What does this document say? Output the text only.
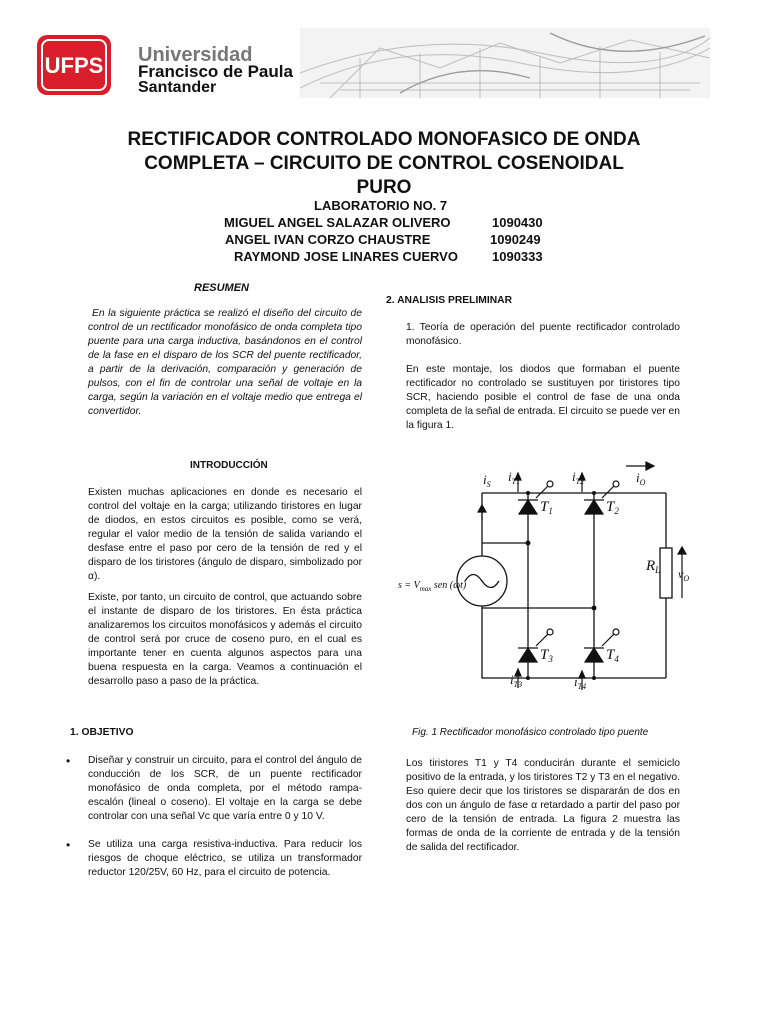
UFPS Universidad
Francisco de Paula
Santander
RECTIFICADOR CONTROLADO MONOFASICO DE ONDA
COMPLETA – CIRCUITO DE CONTROL COSENOIDAL
PURO
LABORATORIO NO. 7
MIGUEL ANGEL SALAZAR OLIVERO	1090430
ANGEL IVAN CORZO CHAUSTRE	1090249
RAYMOND JOSE LINARES CUERVO	1090333
RESUMEN
En la siguiente práctica se realizó el diseño del circuito de control de un rectificador monofásico de onda completa tipo puente para una carga inductiva, basándonos en el control de la fase en el disparo de los SCR del puente rectificador, a partir de la derivación, comparación y generación de pulsos, con el fin de controlar una señal de voltaje en la carga, según la variación en el voltaje medio que entrega el convertidor.
INTRODUCCIÓN
Existen muchas aplicaciones en donde es necesario el control del voltaje en la carga; utilizando tiristores en lugar de diodos, en estos circuitos es posible, como se verá, regular el valor medio de la tensión de salida variando el desfase entre el paso por cero de la tensión de red y el disparo de los tiristores (ángulo de disparo, simbolizado por α).
Existe, por tanto, un circuito de control, que actuando sobre el instante de disparo de los tiristores. En ésta práctica analizaremos los circuitos monofásicos y además el circuito de control será por cruce de coseno puro, en el cual es importante tener en cuenta algunos aspectos para una buena respuesta en la carga. Veamos a continuación el desarrollo paso a paso de la práctica.
1. OBJETIVO
•	Diseñar y construir un circuito, para el control del ángulo de conducción de los SCR, de un puente rectificador monofásico de onda completa, por el método rampa-escalón (lineal o coseno). El voltaje en la carga se debe controlar con una señal Vc que varía entre 0 y 10 V.
•	Se utiliza una carga resistiva-inductiva. Para reducir los riesgos de choque eléctrico, se utiliza un transformador reductor 120/25V, 60 Hz, para el circuito de potencia.
2. ANALISIS PRELIMINAR
1. Teoría de operación del puente rectificador controlado monofásico.
En este montaje, los diodos que formaban el puente rectificador no controlado se sustituyen por tiristores tipo SCR, haciendo posible el control de fase de una onda completa de la señal de entrada. El circuito se puede ver en la figura 1.
$i_S$
$i_{T1}$	$i_{T2}$	$i_O$
$T_1$	$T_2$
$T_3$	$T_4$
$i_{T3}$	$i_{T4}$
$R_L$ $v_O$
$s = V_{max}$ sen (ωt)
Fig. 1 Rectificador monofásico controlado tipo puente
Los tiristores T1 y T4 conducirán durante el semiciclo positivo de la entrada, y los tiristores T2 y T3 en el negativo. Eso quiere decir que los tiristores se dispararán de dos en dos con un ángulo de fase α retardado a partir del paso por cero de la tensión de entrada. La figura 2 muestra las formas de onda de la corriente de entrada y de la tensión de salida del rectificador.
